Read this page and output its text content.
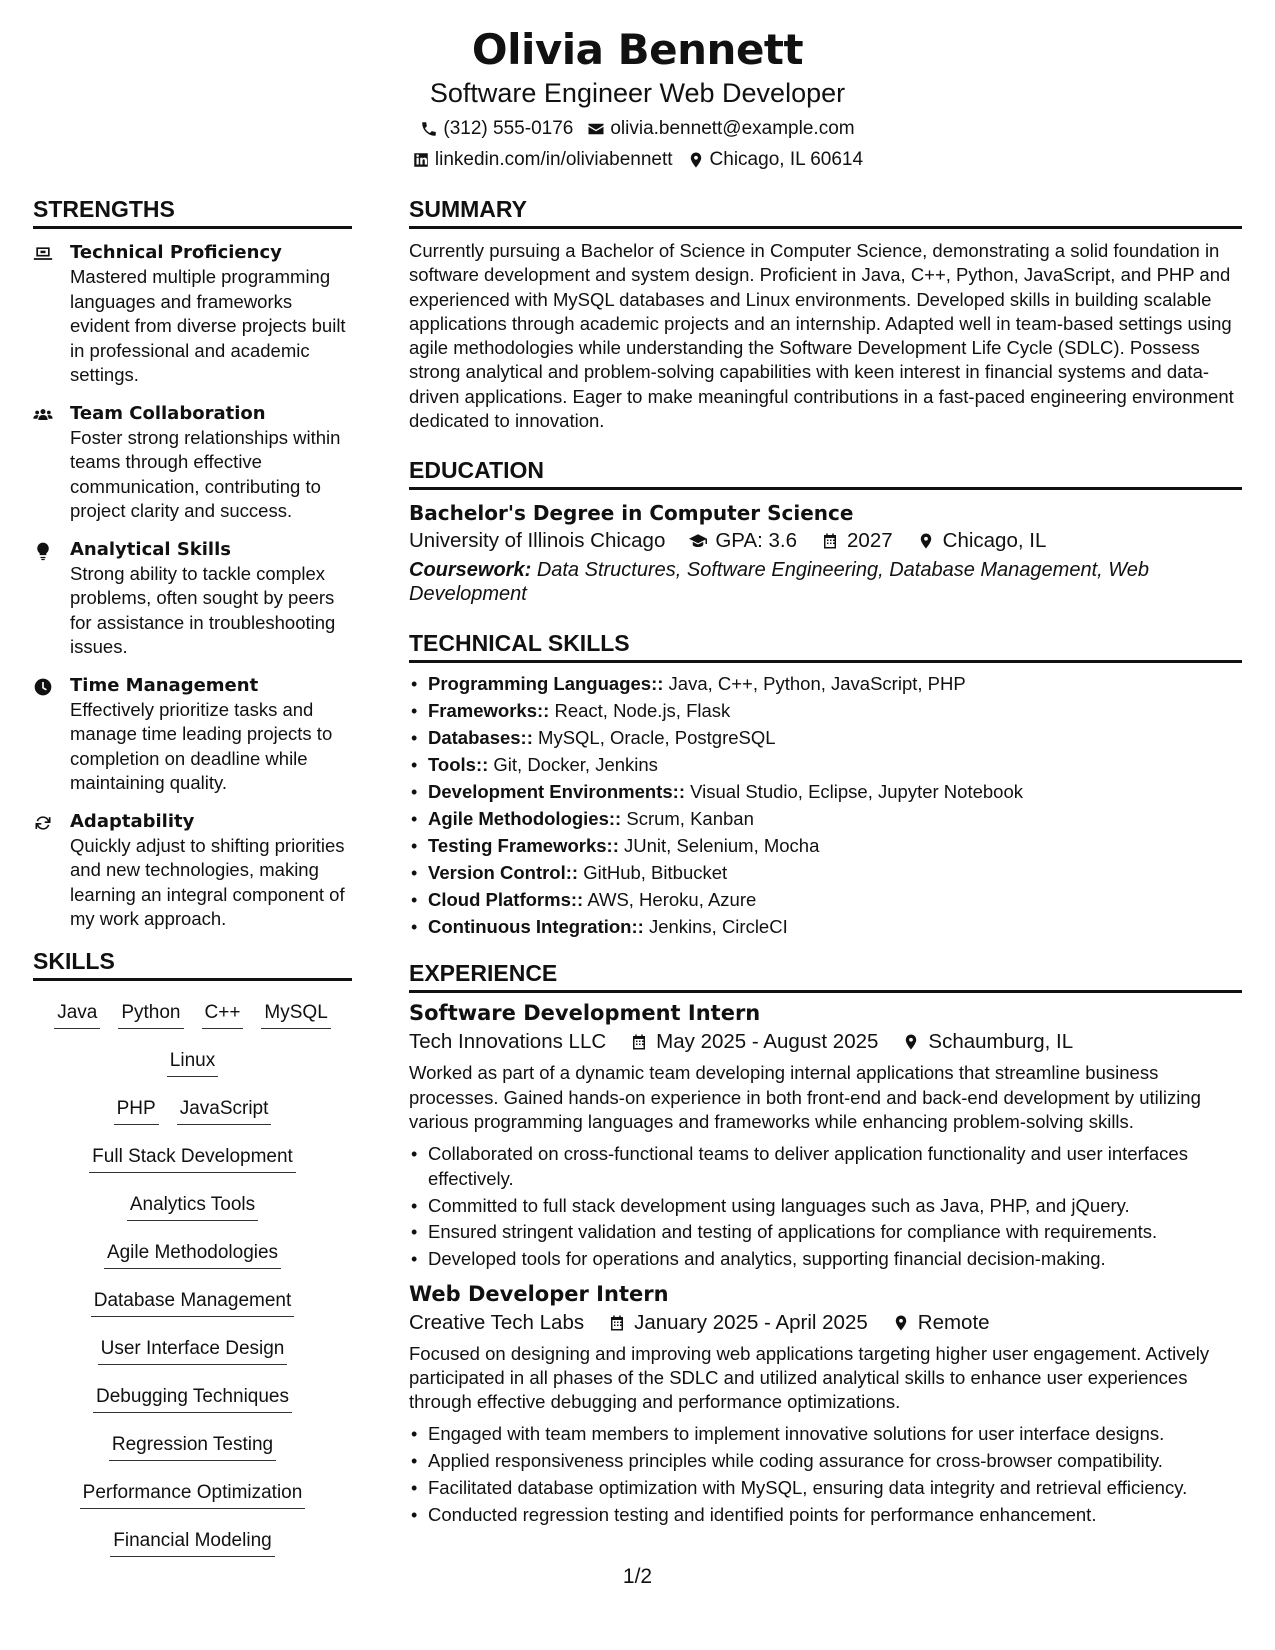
Olivia Bennett
Software Engineer Web Developer
(312) 555-0176 olivia.bennett@example.com
linkedin.com/in/oliviabennett Chicago, IL 60614
STRENGTHS
Technical Proficiency
Mastered multiple programming languages and frameworks evident from diverse projects built in professional and academic settings.
Team Collaboration
Foster strong relationships within teams through effective communication, contributing to project clarity and success.
Analytical Skills
Strong ability to tackle complex problems, often sought by peers for assistance in troubleshooting issues.
Time Management
Effectively prioritize tasks and manage time leading projects to completion on deadline while maintaining quality.
Adaptability
Quickly adjust to shifting priorities and new technologies, making learning an integral component of my work approach.
SKILLS
Java Python C++ MySQL
Linux
PHP JavaScript
Full Stack Development
Analytics Tools
Agile Methodologies
Database Management
User Interface Design
Debugging Techniques
Regression Testing
Performance Optimization
Financial Modeling
SUMMARY
Currently pursuing a Bachelor of Science in Computer Science, demonstrating a solid foundation in software development and system design. Proficient in Java, C++, Python, JavaScript, and PHP and experienced with MySQL databases and Linux environments. Developed skills in building scalable applications through academic projects and an internship. Adapted well in team-based settings using agile methodologies while understanding the Software Development Life Cycle (SDLC). Possess strong analytical and problem-solving capabilities with keen interest in financial systems and data-driven applications. Eager to make meaningful contributions in a fast-paced engineering environment dedicated to innovation.
EDUCATION
Bachelor's Degree in Computer Science
University of Illinois Chicago GPA: 3.6 2027 Chicago, IL
Coursework: Data Structures, Software Engineering, Database Management, Web Development
TECHNICAL SKILLS
• Programming Languages:: Java, C++, Python, JavaScript, PHP
• Frameworks:: React, Node.js, Flask
• Databases:: MySQL, Oracle, PostgreSQL
• Tools:: Git, Docker, Jenkins
• Development Environments:: Visual Studio, Eclipse, Jupyter Notebook
• Agile Methodologies:: Scrum, Kanban
• Testing Frameworks:: JUnit, Selenium, Mocha
• Version Control:: GitHub, Bitbucket
• Cloud Platforms:: AWS, Heroku, Azure
• Continuous Integration:: Jenkins, CircleCI
EXPERIENCE
Software Development Intern
Tech Innovations LLC May 2025 - August 2025 Schaumburg, IL
Worked as part of a dynamic team developing internal applications that streamline business processes. Gained hands-on experience in both front-end and back-end development by utilizing various programming languages and frameworks while enhancing problem-solving skills.
• Collaborated on cross-functional teams to deliver application functionality and user interfaces effectively.
• Committed to full stack development using languages such as Java, PHP, and jQuery.
• Ensured stringent validation and testing of applications for compliance with requirements.
• Developed tools for operations and analytics, supporting financial decision-making.
Web Developer Intern
Creative Tech Labs January 2025 - April 2025 Remote
Focused on designing and improving web applications targeting higher user engagement. Actively participated in all phases of the SDLC and utilized analytical skills to enhance user experiences through effective debugging and performance optimizations.
• Engaged with team members to implement innovative solutions for user interface designs.
• Applied responsiveness principles while coding assurance for cross-browser compatibility.
• Facilitated database optimization with MySQL, ensuring data integrity and retrieval efficiency.
• Conducted regression testing and identified points for performance enhancement.
1/2
